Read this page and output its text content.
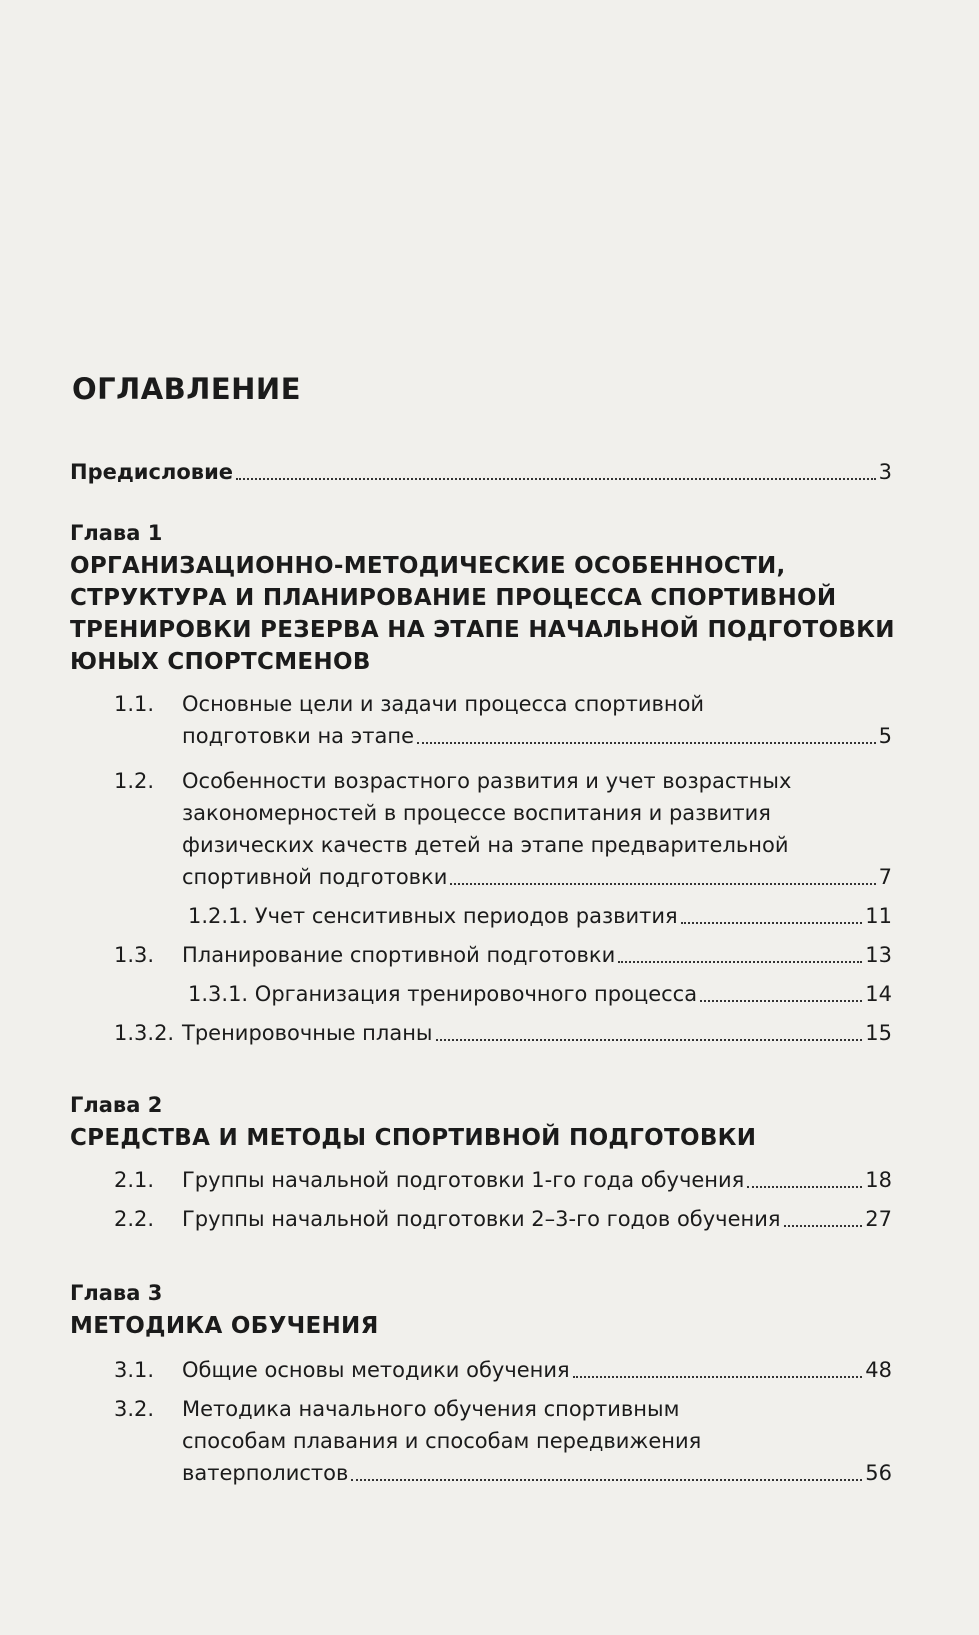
ОГЛАВЛЕНИЕ
Предисловие	3
Глава 1
ОРГАНИЗАЦИОННО-МЕТОДИЧЕСКИЕ ОСОБЕННОСТИ, СТРУКТУРА И ПЛАНИРОВАНИЕ ПРОЦЕССА СПОРТИВНОЙ ТРЕНИРОВКИ РЕЗЕРВА НА ЭТАПЕ НАЧАЛЬНОЙ ПОДГОТОВКИ ЮНЫХ СПОРТСМЕНОВ
1.1. Основные цели и задачи процесса спортивной
подготовки на этапе	5
1.2. Особенности возрастного развития и учет возрастных
закономерностей в процессе воспитания и развития
физических качеств детей на этапе предварительной
спортивной подготовки	7
1.2.1. Учет сенситивных периодов развития	11
1.3. Планирование спортивной подготовки	13
1.3.1. Организация тренировочного процесса	14
1.3.2. Тренировочные планы	15
Глава 2
СРЕДСТВА И МЕТОДЫ СПОРТИВНОЙ ПОДГОТОВКИ
2.1. Группы начальной подготовки 1-го года обучения	18
2.2. Группы начальной подготовки 2–3-го годов обучения	27
Глава 3
МЕТОДИКА ОБУЧЕНИЯ
3.1. Общие основы методики обучения	48
3.2. Методика начального обучения спортивным
способам плавания и способам передвижения
ватерполистов	56
